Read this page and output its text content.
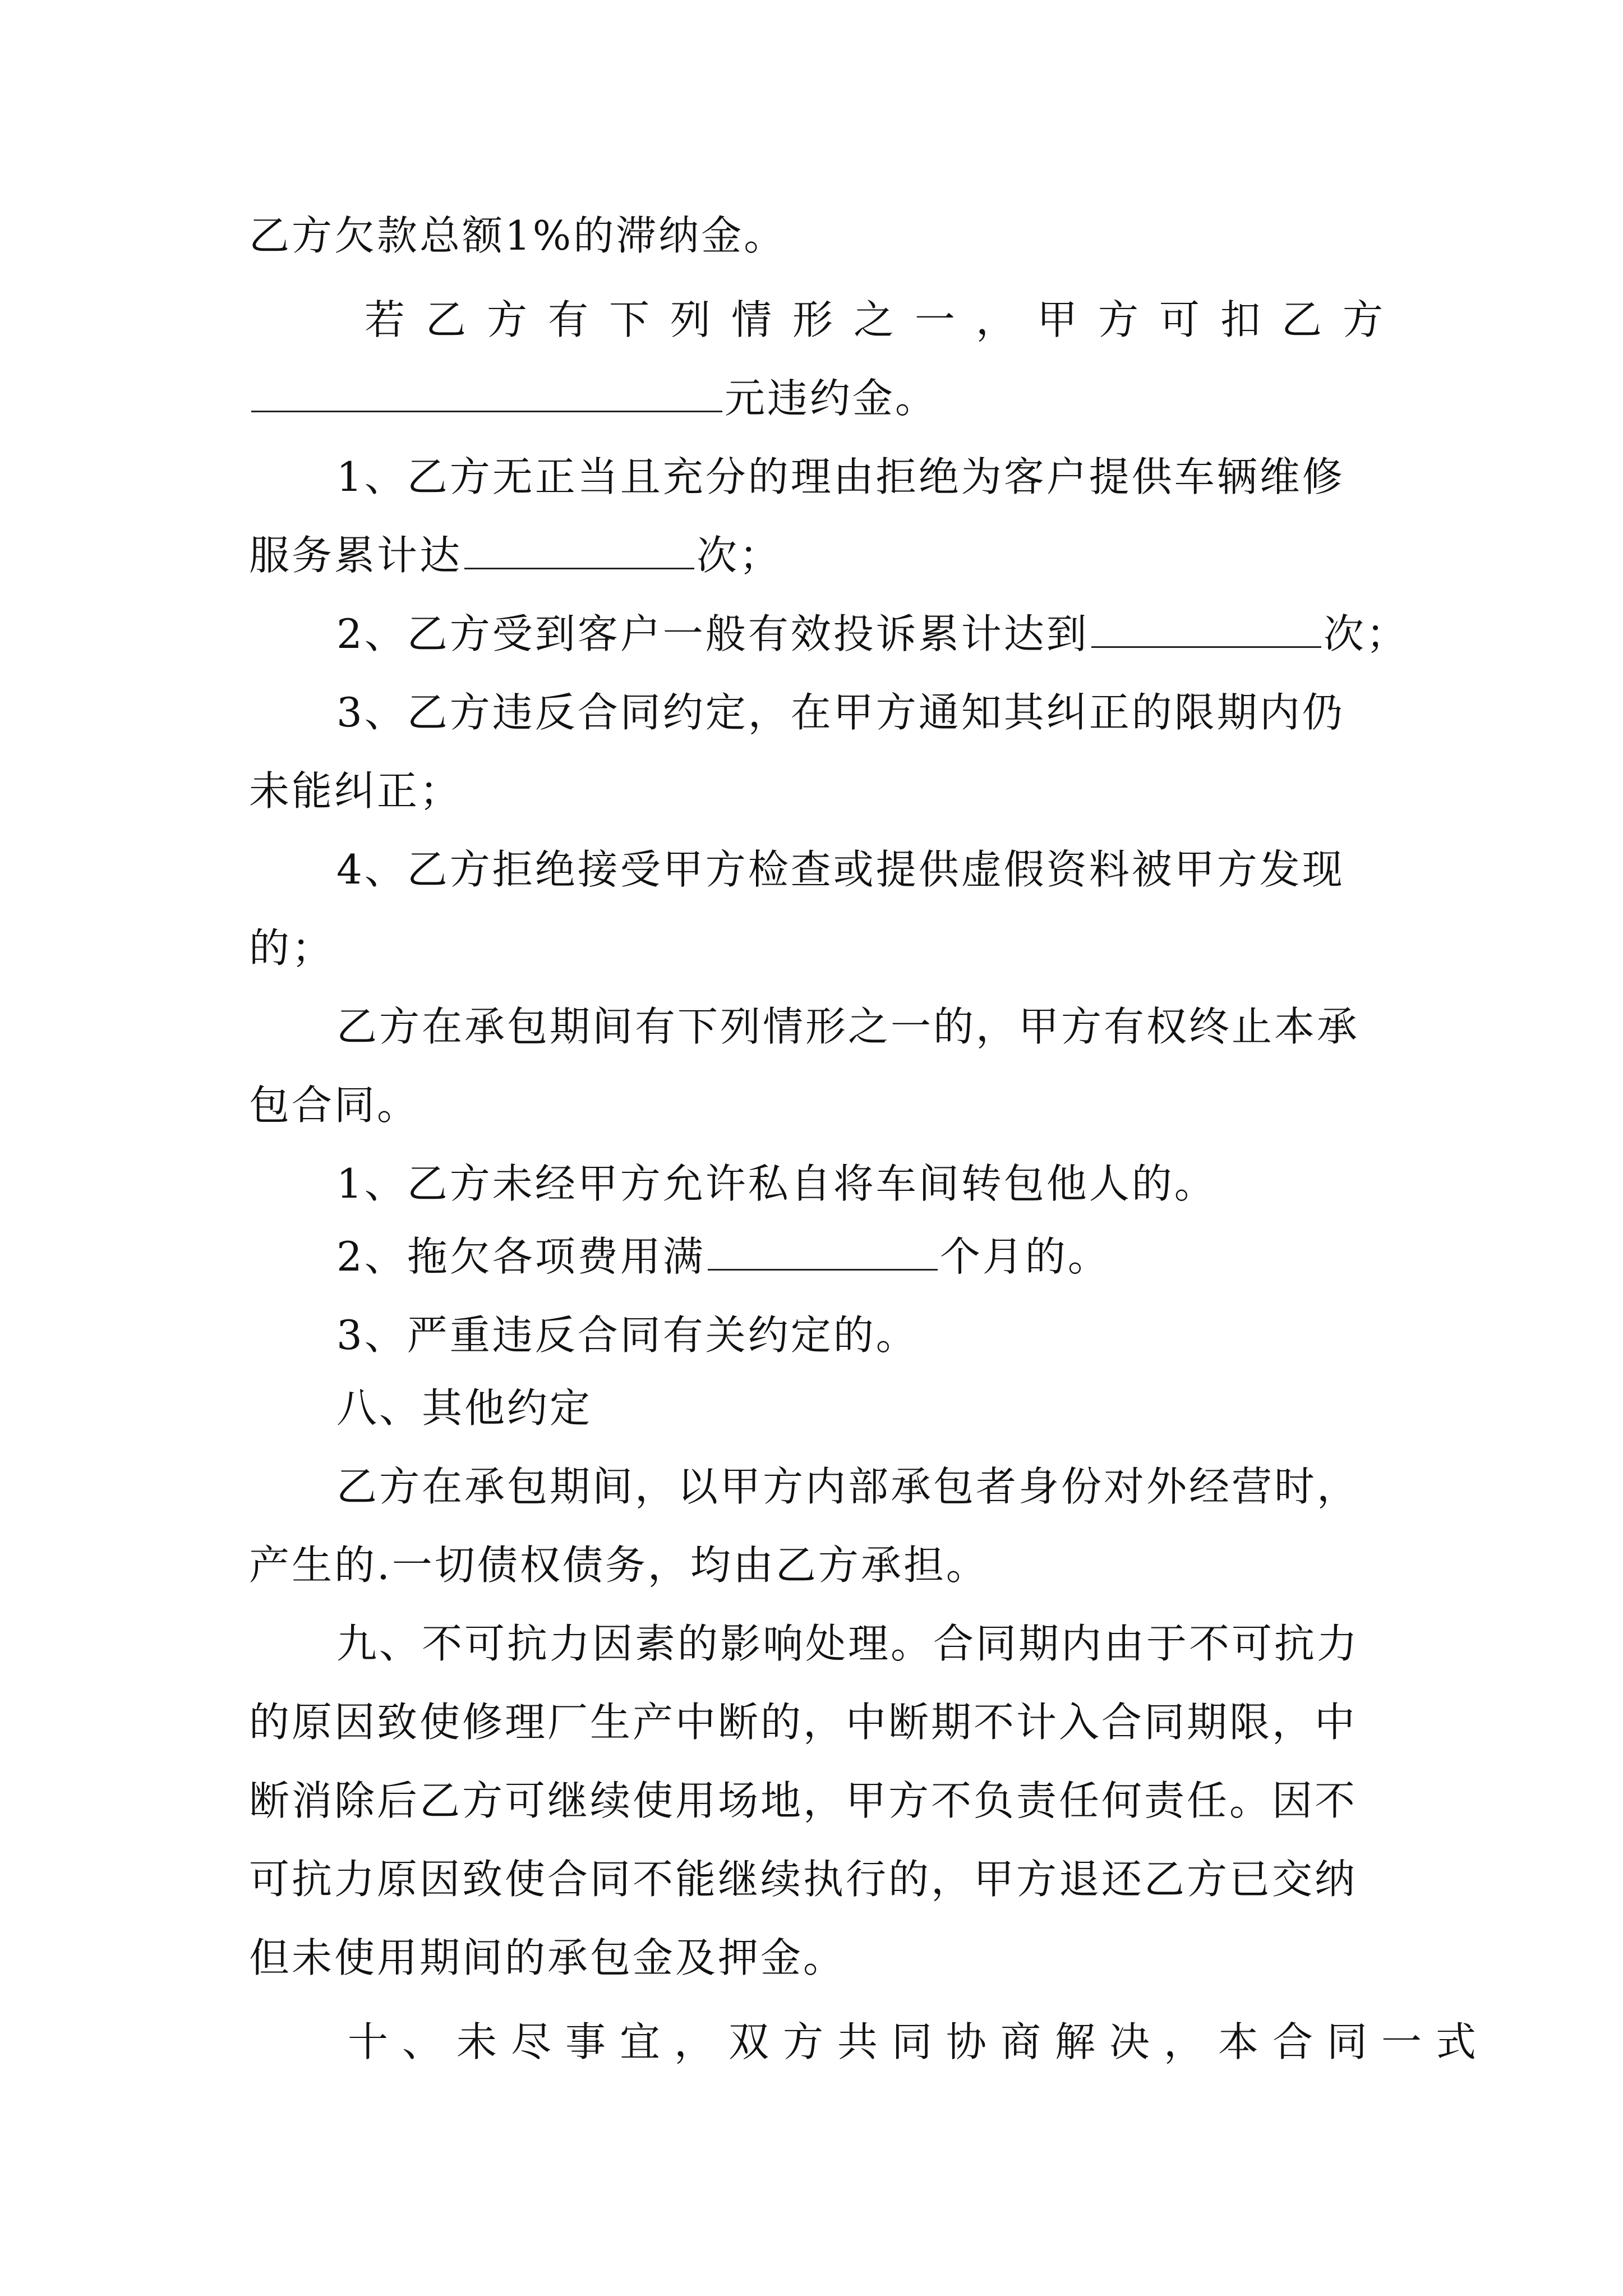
乙方欠款总额1%的滞纳金。
若乙方有下列情形之一，甲方可扣乙方
元违约金。
1、乙方无正当且充分的理由拒绝为客户提供车辆维修
服务累计达	次；
2、乙方受到客户一般有效投诉累计达到	次；
3、乙方违反合同约定，在甲方通知其纠正的限期内仍
未能纠正；
4、乙方拒绝接受甲方检查或提供虚假资料被甲方发现
的；
乙方在承包期间有下列情形之一的，甲方有权终止本承
包合同。
1、乙方未经甲方允许私自将车间转包他人的。
2、拖欠各项费用满	个月的。
3、严重违反合同有关约定的。
八、其他约定
乙方在承包期间，以甲方内部承包者身份对外经营时，
产生的.一切债权债务，均由乙方承担。
九、不可抗力因素的影响处理。合同期内由于不可抗力
的原因致使修理厂生产中断的，中断期不计入合同期限，中
断消除后乙方可继续使用场地，甲方不负责任何责任。因不
可抗力原因致使合同不能继续执行的，甲方退还乙方已交纳
但未使用期间的承包金及押金。
十、未尽事宜，双方共同协商解决，本合同一式
